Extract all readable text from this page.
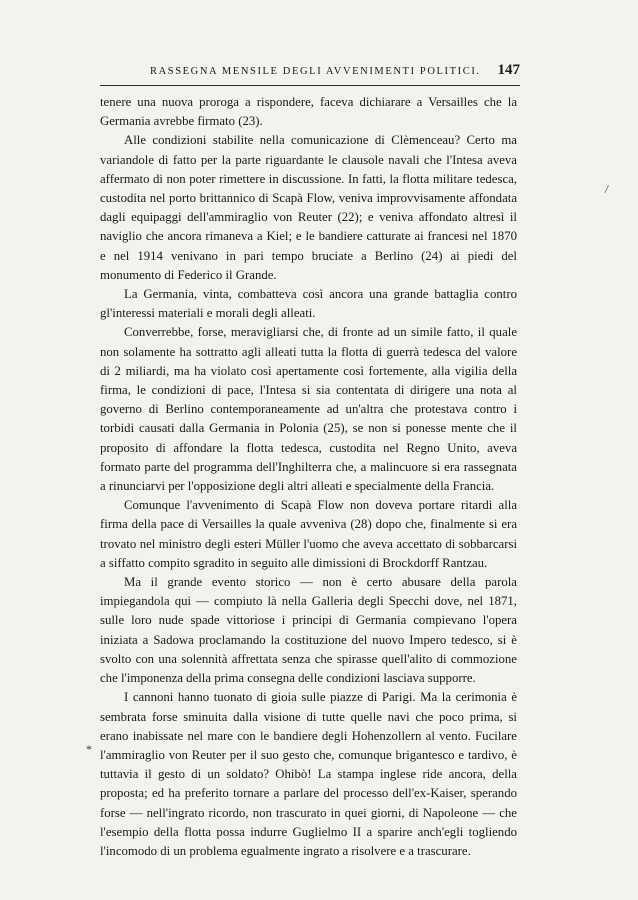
RASSEGNA MENSILE DEGLI AVVENIMENTI POLITICI. 147

tenere una nuova proroga a rispondere, faceva dichiarare a Versailles che la Germania avrebbe firmato (23).

Alle condizioni stabilite nella comunicazione di Clèmenceau? Certo ma variandole di fatto per la parte riguardante le clausole navali che l'Intesa aveva affermato di non poter rimettere in discussione. In fatti, la flotta militare tedesca, custodita nel porto brittannico di Scapà Flow, veniva improvvisamente affondata dagli equipaggi dell'ammiraglio von Reuter (22); e veniva affondato altresì il naviglio che ancora rimaneva a Kiel; e le bandiere catturate ai francesi nel 1870 e nel 1914 venivano in pari tempo bruciate a Berlino (24) ai piedi del monumento di Federico il Grande.

La Germania, vinta, combatteva così ancora una grande battaglia contro gl'interessi materiali e morali degli alleati.

Converrebbe, forse, meravigliarsi che, di fronte ad un simile fatto, il quale non solamente ha sottratto agli alleati tutta la flotta di guerrà tedesca del valore di 2 miliardi, ma ha violato così apertamente così fortemente, alla vigilia della firma, le condizioni di pace, l'Intesa si sia contentata di dirigere una nota al governo di Berlino contemporaneamente ad un'altra che protestava contro i torbidi causati dalla Germania in Polonia (25), se non si ponesse mente che il proposito di affondare la flotta tedesca, custodita nel Regno Unito, aveva formato parte del programma dell'Inghilterra che, a malincuore si era rassegnata a rinunciarvi per l'opposizione degli altri alleati e specialmente della Francia.

Comunque l'avvenimento di Scapà Flow non doveva portare ritardi alla firma della pace di Versailles la quale avveniva (28) dopo che, finalmente si era trovato nel ministro degli esteri Müller l'uomo che aveva accettato di sobbarcarsi a siffatto compito sgradito in seguito alle dimissioni di Brockdorff Rantzau.

Ma il grande evento storico — non è certo abusare della parola impiegandola qui — compiuto là nella Galleria degli Specchi dove, nel 1871, sulle loro nude spade vittoriose i principi di Germania compievano l'opera iniziata a Sadowa proclamando la costituzione del nuovo Impero tedesco, si è svolto con una solennità affrettata senza che spirasse quell'alito di commozione che l'imponenza della prima consegna delle condizioni lasciava supporre.

I cannoni hanno tuonato di gioia sulle piazze di Parigi. Ma la cerimonia è sembrata forse sminuita dalla visione di tutte quelle navi che poco prima, si erano inabissate nel mare con le bandiere degli Hohenzollern al vento. Fucilare l'ammiraglio von Reuter per il suo gesto che, comunque brigantesco e tardivo, è tuttavia il gesto di un soldato? Ohibò! La stampa inglese ride ancora, della proposta; ed ha preferito tornare a parlare del processo dell'ex-Kaiser, sperando forse — nell'ingrato ricordo, non trascurato in quei giorni, di Napoleone — che l'esempio della flotta possa indurre Guglielmo II a sparire anch'egli togliendo l'incomodo di un problema egualmente ingrato a risolvere e a trascurare.

/
*
